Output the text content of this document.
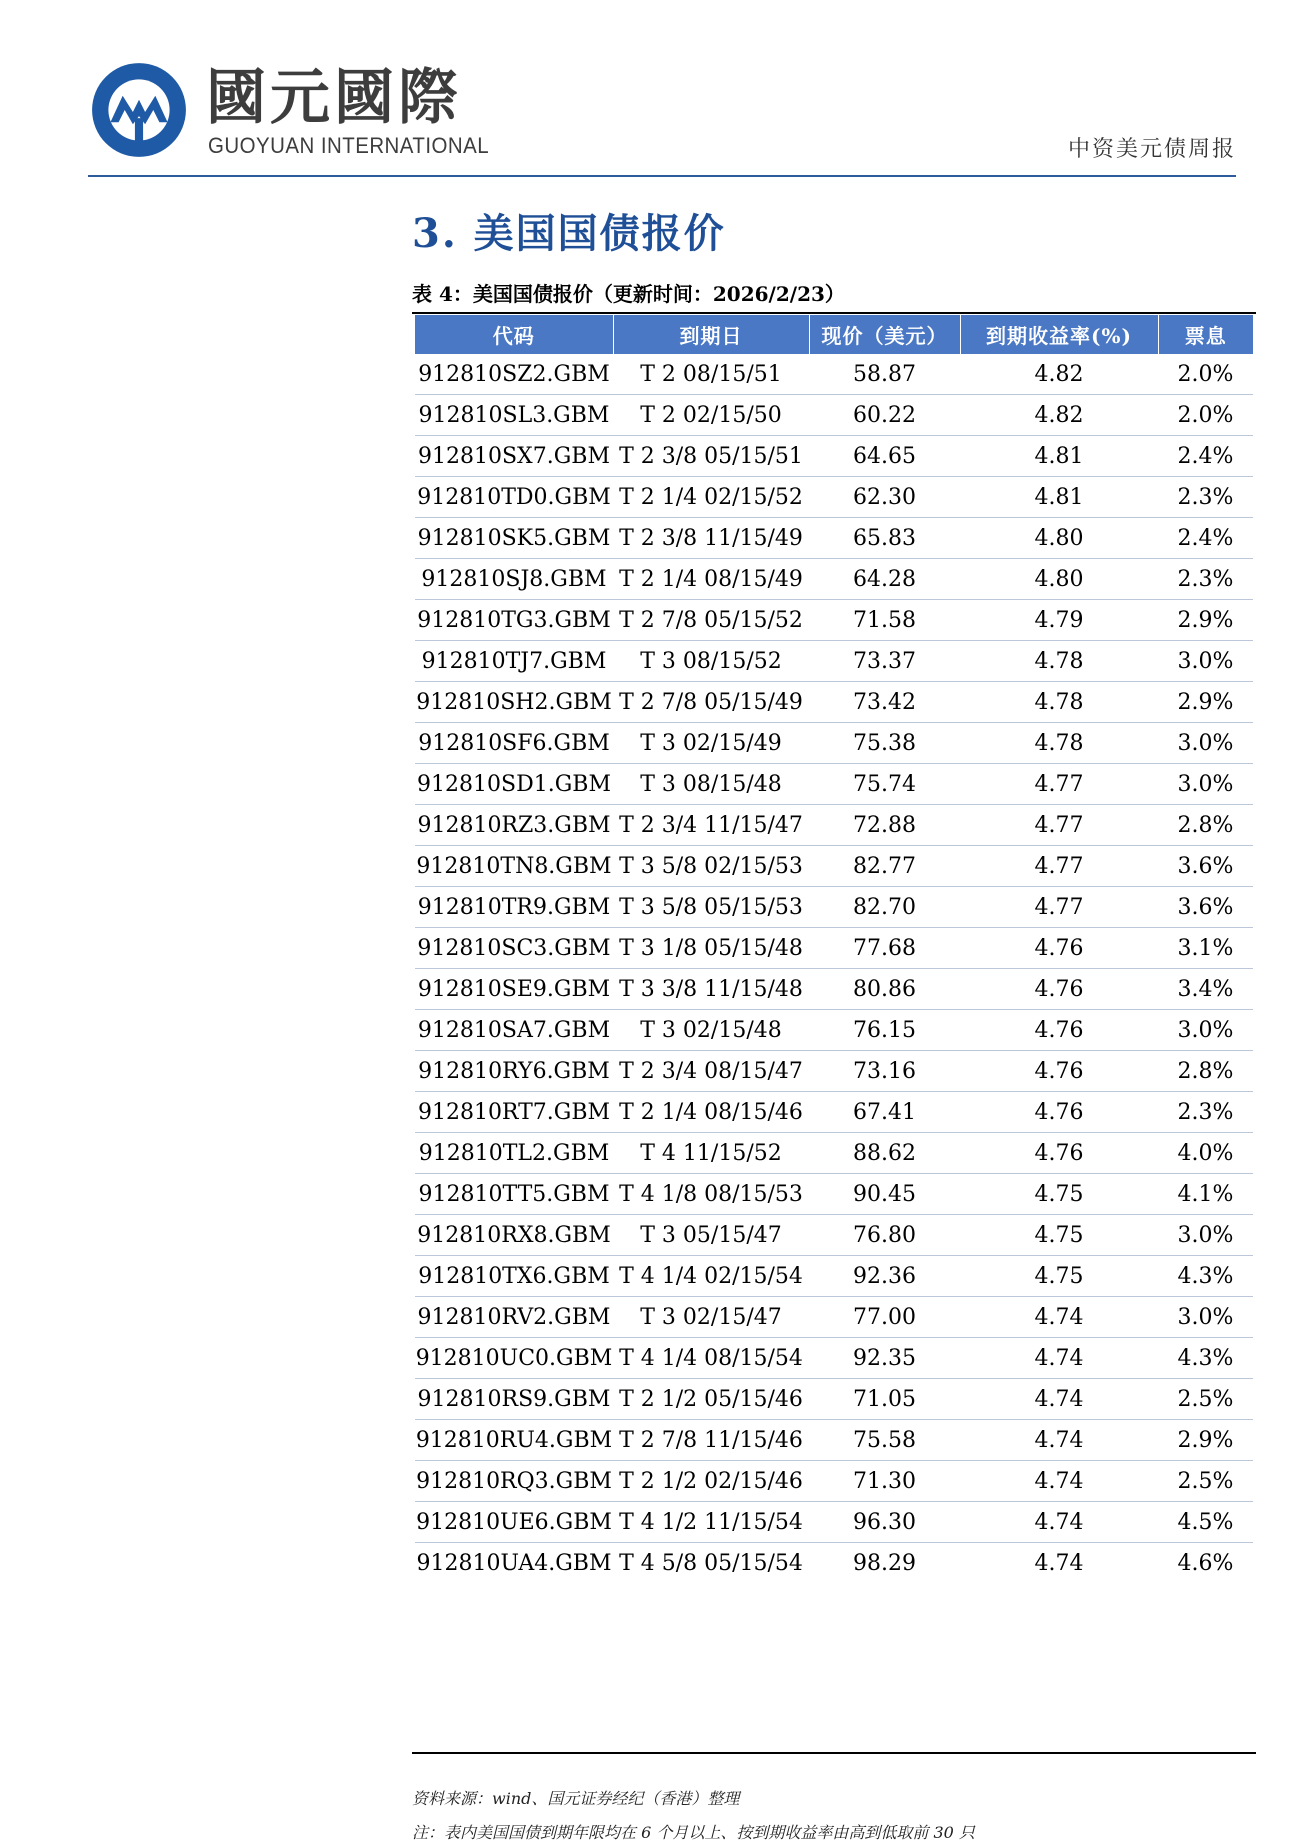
國元國際
GUOYUAN INTERNATIONAL	中资美元债周报
3. 美国国债报价
表 4：美国国债报价（更新时间：2026/2/23）
代码	到期日	现价（美元）	到期收益率(%)	票息
912810SZ2.GBM	T 2 08/15/51	58.87	4.82	2.0%
912810SL3.GBM	T 2 02/15/50	60.22	4.82	2.0%
912810SX7.GBM	T 2 3/8 05/15/51	64.65	4.81	2.4%
912810TD0.GBM	T 2 1/4 02/15/52	62.30	4.81	2.3%
912810SK5.GBM	T 2 3/8 11/15/49	65.83	4.80	2.4%
912810SJ8.GBM	T 2 1/4 08/15/49	64.28	4.80	2.3%
912810TG3.GBM	T 2 7/8 05/15/52	71.58	4.79	2.9%
912810TJ7.GBM	T 3 08/15/52	73.37	4.78	3.0%
912810SH2.GBM	T 2 7/8 05/15/49	73.42	4.78	2.9%
912810SF6.GBM	T 3 02/15/49	75.38	4.78	3.0%
912810SD1.GBM	T 3 08/15/48	75.74	4.77	3.0%
912810RZ3.GBM	T 2 3/4 11/15/47	72.88	4.77	2.8%
912810TN8.GBM	T 3 5/8 02/15/53	82.77	4.77	3.6%
912810TR9.GBM	T 3 5/8 05/15/53	82.70	4.77	3.6%
912810SC3.GBM	T 3 1/8 05/15/48	77.68	4.76	3.1%
912810SE9.GBM	T 3 3/8 11/15/48	80.86	4.76	3.4%
912810SA7.GBM	T 3 02/15/48	76.15	4.76	3.0%
912810RY6.GBM	T 2 3/4 08/15/47	73.16	4.76	2.8%
912810RT7.GBM	T 2 1/4 08/15/46	67.41	4.76	2.3%
912810TL2.GBM	T 4 11/15/52	88.62	4.76	4.0%
912810TT5.GBM	T 4 1/8 08/15/53	90.45	4.75	4.1%
912810RX8.GBM	T 3 05/15/47	76.80	4.75	3.0%
912810TX6.GBM	T 4 1/4 02/15/54	92.36	4.75	4.3%
912810RV2.GBM	T 3 02/15/47	77.00	4.74	3.0%
912810UC0.GBM	T 4 1/4 08/15/54	92.35	4.74	4.3%
912810RS9.GBM	T 2 1/2 05/15/46	71.05	4.74	2.5%
912810RU4.GBM	T 2 7/8 11/15/46	75.58	4.74	2.9%
912810RQ3.GBM	T 2 1/2 02/15/46	71.30	4.74	2.5%
912810UE6.GBM	T 4 1/2 11/15/54	96.30	4.74	4.5%
912810UA4.GBM	T 4 5/8 05/15/54	98.29	4.74	4.6%
资料来源：wind、国元证券经纪（香港）整理
注：表内美国国债到期年限均在 6 个月以上、按到期收益率由高到低取前 30 只
